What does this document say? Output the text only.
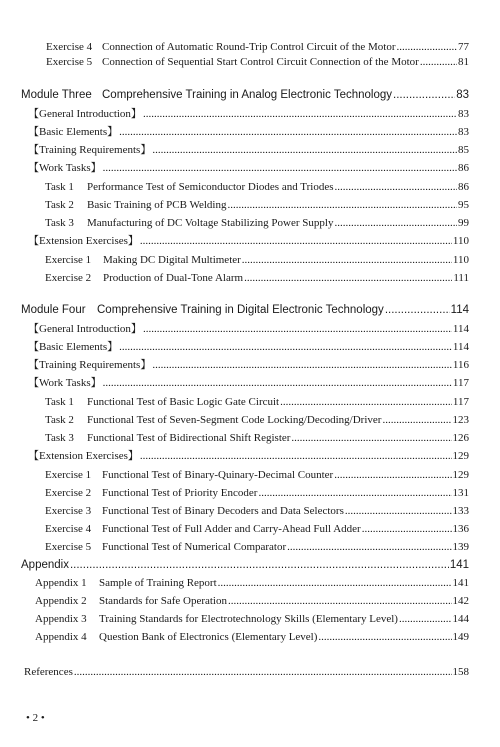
Exercise 4 Connection of Automatic Round-Trip Control Circuit of the Motor .....	77
Exercise 5 Connection of Sequential Start Control Circuit Connection of the Motor .....	81
Module Three Comprehensive Training in Analog Electronic Technology .....	83
【General Introduction】 .....	83
【Basic Elements】 .....	83
【Training Requirements】 .....	85
【Work Tasks】 .....	86
Task 1 Performance Test of Semiconductor Diodes and Triodes .....	86
Task 2 Basic Training of PCB Welding .....	95
Task 3 Manufacturing of DC Voltage Stabilizing Power Supply .....	99
【Extension Exercises】 .....	110
Exercise 1 Making DC Digital Multimeter .....	110
Exercise 2 Production of Dual-Tone Alarm .....	111
Module Four Comprehensive Training in Digital Electronic Technology .....	114
【General Introduction】 .....	114
【Basic Elements】 .....	114
【Training Requirements】 .....	116
【Work Tasks】 .....	117
Task 1 Functional Test of Basic Logic Gate Circuit .....	117
Task 2 Functional Test of Seven-Segment Code Locking/Decoding/Driver .....	123
Task 3 Functional Test of Bidirectional Shift Register .....	126
【Extension Exercises】 .....	129
Exercise 1 Functional Test of Binary-Quinary-Decimal Counter .....	129
Exercise 2 Functional Test of Priority Encoder .....	131
Exercise 3 Functional Test of Binary Decoders and Data Selectors .....	133
Exercise 4 Functional Test of Full Adder and Carry-Ahead Full Adder .....	136
Exercise 5 Functional Test of Numerical Comparator .....	139
Appendix .....	141
Appendix 1 Sample of Training Report .....	141
Appendix 2 Standards for Safe Operation .....	142
Appendix 3 Training Standards for Electrotechnology Skills (Elementary Level) .....	144
Appendix 4 Question Bank of Electronics (Elementary Level) .....	149
References .....	158
• 2 •
